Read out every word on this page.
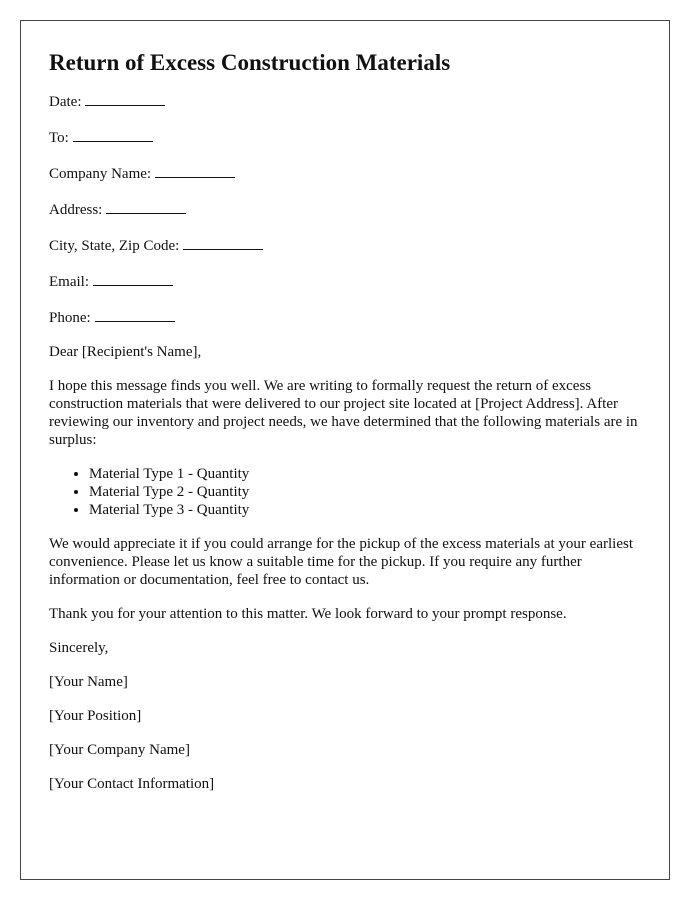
Return of Excess Construction Materials
Date:
To:
Company Name:
Address:
City, State, Zip Code:
Email:
Phone:

Dear [Recipient's Name],

I hope this message finds you well. We are writing to formally request the return of excess construction materials that were delivered to our project site located at [Project Address]. After reviewing our inventory and project needs, we have determined that the following materials are in surplus:

• Material Type 1 - Quantity
• Material Type 2 - Quantity
• Material Type 3 - Quantity

We would appreciate it if you could arrange for the pickup of the excess materials at your earliest convenience. Please let us know a suitable time for the pickup. If you require any further information or documentation, feel free to contact us.

Thank you for your attention to this matter. We look forward to your prompt response.

Sincerely,

[Your Name]

[Your Position]

[Your Company Name]

[Your Contact Information]
